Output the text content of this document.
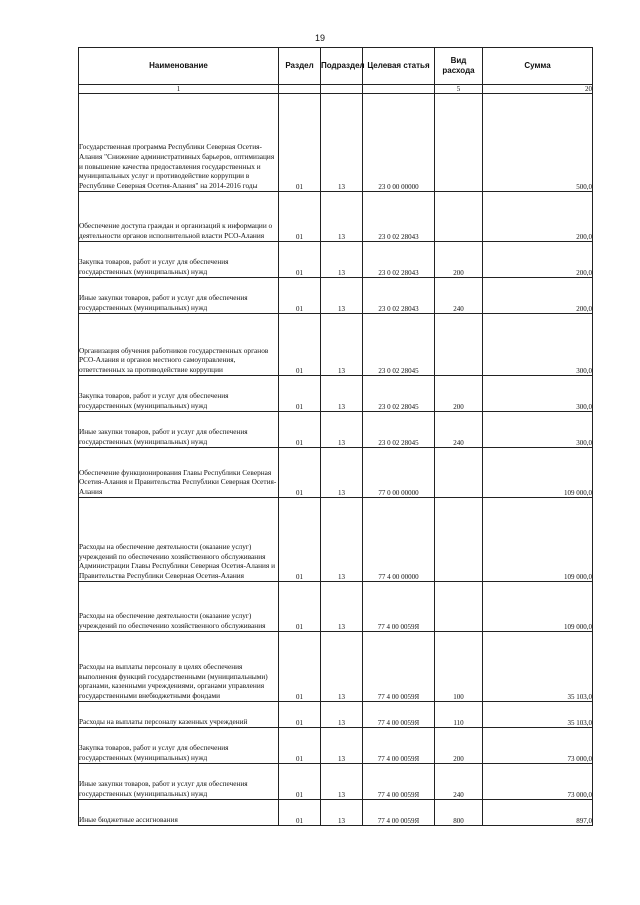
19
Наименование	Раздел	Подраздел	Целевая статья	Вид расхода	Сумма
1				5	20
Государственная программа Республики Северная Осетия-Алания "Снижение административных барьеров, оптимизация и повышение качества предоставления государственных и муниципальных услуг и противодействие коррупции в Республике Северная Осетия-Алания" на 2014-2016 годы	01	13	23 0 00 00000		500,0
Обеспечение доступа граждан и организаций к информации о деятельности органов исполнительной власти РСО-Алания	01	13	23 0 02 28043		200,0
Закупка товаров, работ и услуг для обеспечения государственных (муниципальных) нужд	01	13	23 0 02 28043	200	200,0
Иные закупки товаров, работ и услуг для обеспечения государственных (муниципальных) нужд	01	13	23 0 02 28043	240	200,0
Организация обучения работников государственных органов РСО-Алания и органов местного самоуправления, ответственных за противодействие коррупции	01	13	23 0 02 28045		300,0
Закупка товаров, работ и услуг для обеспечения государственных (муниципальных) нужд	01	13	23 0 02 28045	200	300,0
Иные закупки товаров, работ и услуг для обеспечения государственных (муниципальных) нужд	01	13	23 0 02 28045	240	300,0
Обеспечение функционирования Главы Республики Северная Осетия-Алания и Правительства Республики Северная Осетия-Алания	01	13	77 0 00 00000		109 000,0
Расходы на обеспечение деятельности (оказание услуг) учреждений по обеспечению хозяйственного обслуживания Администрации Главы Республики Северная Осетия-Алания и Правительства Республики Северная Осетия-Алания	01	13	77 4 00 00000		109 000,0
Расходы на обеспечение деятельности (оказание услуг) учреждений по обеспечению хозяйственного обслуживания	01	13	77 4 00 0059Я		109 000,0
Расходы на выплаты персоналу в целях обеспечения выполнения функций государственными (муниципальными) органами, казенными учреждениями, органами управления государственными внебюджетными фондами	01	13	77 4 00 0059Я	100	35 103,0
Расходы на выплаты персоналу казенных учреждений	01	13	77 4 00 0059Я	110	35 103,0
Закупка товаров, работ и услуг для обеспечения государственных (муниципальных) нужд	01	13	77 4 00 0059Я	200	73 000,0
Иные закупки товаров, работ и услуг для обеспечения государственных (муниципальных) нужд	01	13	77 4 00 0059Я	240	73 000,0
Иные бюджетные ассигнования	01	13	77 4 00 0059Я	800	897,0
